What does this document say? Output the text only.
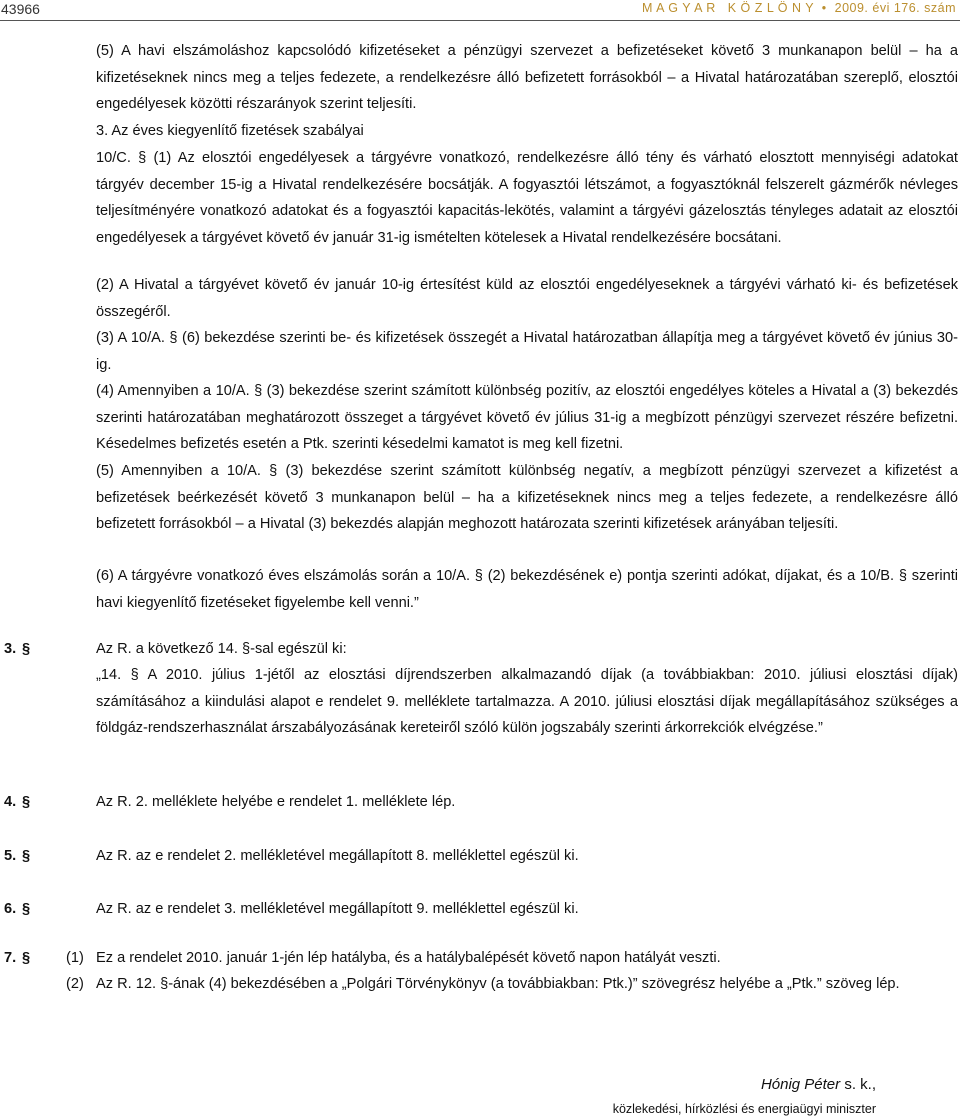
43966	M A G Y A R   K Ö Z L Ö N Y  •  2009. évi 176. szám

(5) A havi elszámoláshoz kapcsolódó kifizetéseket a pénzügyi szervezet a befizetéseket követő 3 munkanapon belül – ha a kifizetéseknek nincs meg a teljes fedezete, a rendelkezésre álló befizetett forrásokból – a Hivatal határozatában szereplő, elosztói engedélyesek közötti részarányok szerint teljesíti.

3. Az éves kiegyenlítő fizetések szabályai

10/C. § (1) Az elosztói engedélyesek a tárgyévre vonatkozó, rendelkezésre álló tény és várható elosztott mennyiségi adatokat tárgyév december 15-ig a Hivatal rendelkezésére bocsátják. A fogyasztói létszámot, a fogyasztóknál felszerelt gázmérők névleges teljesítményére vonatkozó adatokat és a fogyasztói kapacitás-lekötés, valamint a tárgyévi gázelosztás tényleges adatait az elosztói engedélyesek a tárgyévet követő év január 31-ig ismételten kötelesek a Hivatal rendelkezésére bocsátani.

(2) A Hivatal a tárgyévet követő év január 10-ig értesítést küld az elosztói engedélyeseknek a tárgyévi várható ki- és befizetések összegéről.

(3) A 10/A. § (6) bekezdése szerinti be- és kifizetések összegét a Hivatal határozatban állapítja meg a tárgyévet követő év június 30-ig.

(4) Amennyiben a 10/A. § (3) bekezdése szerint számított különbség pozitív, az elosztói engedélyes köteles a Hivatal a (3) bekezdés szerinti határozatában meghatározott összeget a tárgyévet követő év július 31-ig a megbízott pénzügyi szervezet részére befizetni. Késedelmes befizetés esetén a Ptk. szerinti késedelmi kamatot is meg kell fizetni.

(5) Amennyiben a 10/A. § (3) bekezdése szerint számított különbség negatív, a megbízott pénzügyi szervezet a kifizetést a befizetések beérkezését követő 3 munkanapon belül – ha a kifizetéseknek nincs meg a teljes fedezete, a rendelkezésre álló befizetett forrásokból – a Hivatal (3) bekezdés alapján meghozott határozata szerinti kifizetések arányában teljesíti.

(6) A tárgyévre vonatkozó éves elszámolás során a 10/A. § (2) bekezdésének e) pontja szerinti adókat, díjakat, és a 10/B. § szerinti havi kiegyenlítő fizetéseket figyelembe kell venni.”

3. §	Az R. a következő 14. §-sal egészül ki:

„14. § A 2010. július 1-jétől az elosztási díjrendszerben alkalmazandó díjak (a továbbiakban: 2010. júliusi elosztási díjak) számításához a kiindulási alapot e rendelet 9. melléklete tartalmazza. A 2010. júliusi elosztási díjak megállapításához szükséges a földgáz-rendszerhasználat árszabályozásának kereteiről szóló külön jogszabály szerinti árkorrekciók elvégzése.”

4. §	Az R. 2. melléklete helyébe e rendelet 1. melléklete lép.

5. §	Az R. az e rendelet 2. mellékletével megállapított 8. melléklettel egészül ki.

6. §	Az R. az e rendelet 3. mellékletével megállapított 9. melléklettel egészül ki.

7. § (1) Ez a rendelet 2010. január 1-jén lép hatályba, és a hatálybalépését követő napon hatályát veszti.

(2) Az R. 12. §-ának (4) bekezdésében a „Polgári Törvénykönyv (a továbbiakban: Ptk.)” szövegrész helyébe a „Ptk.” szöveg lép.

Hónig Péter s. k.,
közlekedési, hírközlési és energiaügyi miniszter
